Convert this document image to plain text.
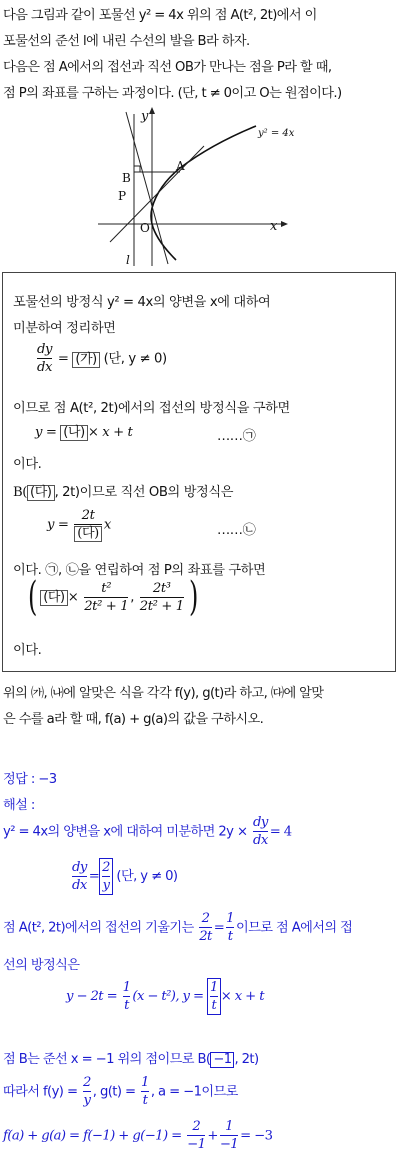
다음 그림과 같이 포물선 y² = 4x 위의 점 A(t², 2t)에서 이
포물선의 준선 l에 내린 수선의 발을 B라 하자.
다음은 점 A에서의 접선과 직선 OB가 만나는 점을 P라 할 때,
점 P의 좌표를 구하는 과정이다. (단, t ≠ 0이고 O는 원점이다.)
y
x
O
y² = 4x
A
B
P
l
포물선의 방정식 y² = 4x의 양변을 x에 대하여
미분하여 정리하면
$\frac{dy}{dx}$ = (가) (단, y ≠ 0)
이므로 점 A(t², 2t)에서의 접선의 방정식을 구하면
y = (나) × x + t	……㉠
이다.
B( (다) , 2t)이므로 직선 OB의 방정식은
$y = \frac{2t}{\text{(다)}}$ x	……㉡
이다. ㉠, ㉡을 연립하여 점 P의 좌표를 구하면
( (다) × $\frac{\text{t²}}{\text{2t² + 1}}$ , $\frac{\text{2t³}}{\text{2t² + 1}}$ )
이다.
위의 ㈎, ㈏에 알맞은 식을 각각 f(y), g(t)라 하고, ㈐에 알맞
은 수를 a라 할 때, f(a) + g(a)의 값을 구하시오.
정답 : −3
해설 :
y² = 4x의 양변을 x에 대하여 미분하면 $2y \times \frac{dy}{dx} = 4$
$\frac{dy}{dx} = \frac{2}{y}$ (단, y ≠ 0)
점 A(t², 2t)에서의 접선의 기울기는 $\frac{2}{2t} = \frac{1}{t}$ 이므로 점 A에서의 접
선의 방정식은
$y - 2t = \frac{1}{t} (x - t^2)$, $y = \frac{1}{t} \times x + t$
점 B는 준선 x = −1 위의 점이므로 B( −1 , 2t)
따라서 $f(y) = \frac{2}{y}$ , $g(t) = \frac{1}{t}$ , a = −1이므로
$f(a) + g(a) = f(-1) + g(-1) = \frac{2}{-1} + \frac{1}{-1} = -3$
